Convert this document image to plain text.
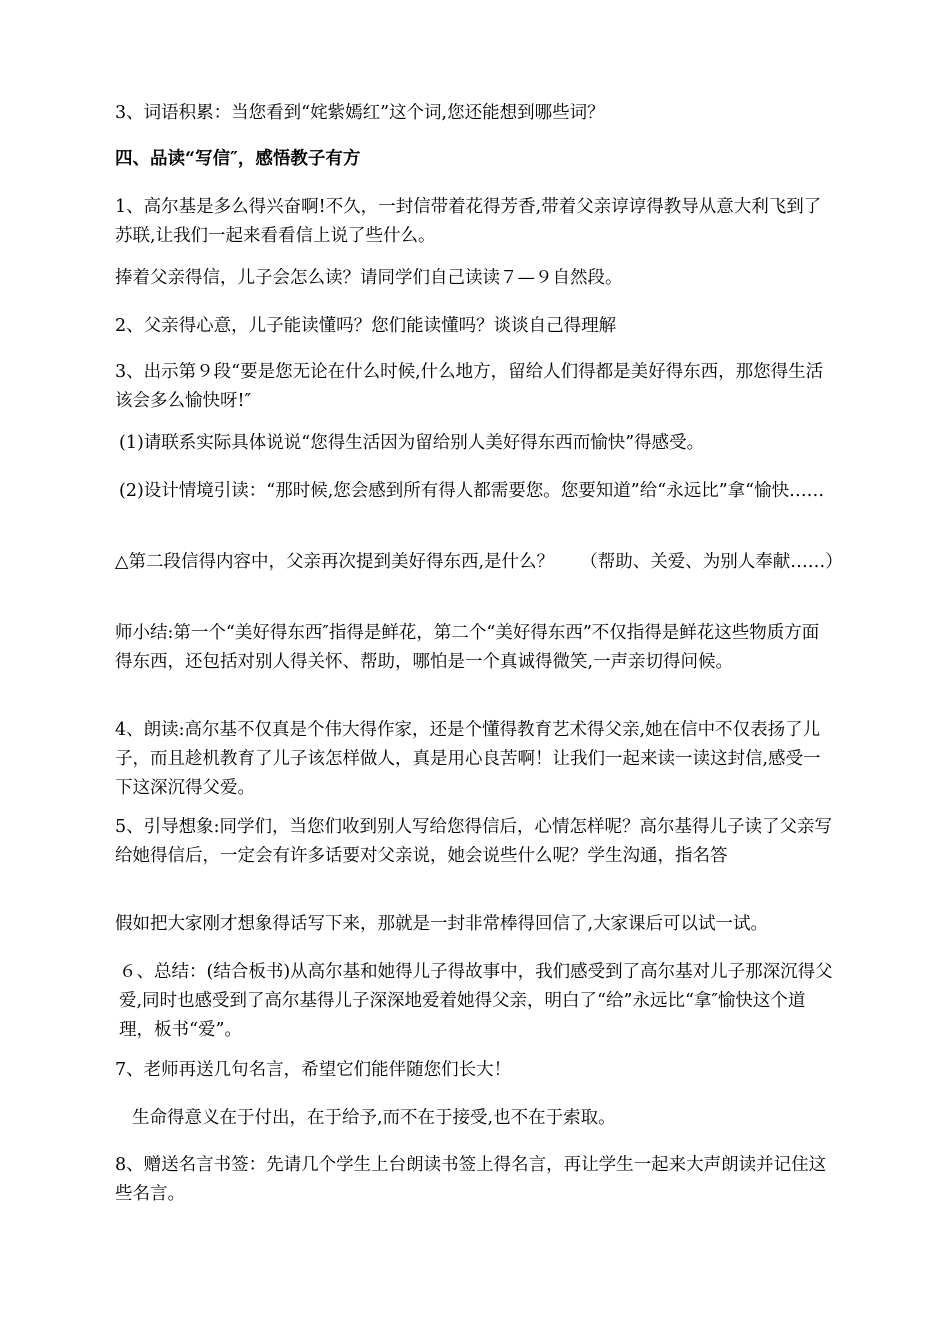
3、词语积累：当您看到“姹紫嫣红”这个词,您还能想到哪些词？

四、品读“写信″，感悟教子有方

1、高尔基是多么得兴奋啊!不久，一封信带着花得芳香,带着父亲谆谆得教导从意大利飞到了苏联,让我们一起来看看信上说了些什么。

捧着父亲得信，儿子会怎么读？请同学们自己读读７—９自然段。

2、父亲得心意，儿子能读懂吗？您们能读懂吗？谈谈自己得理解

3、出示第９段“要是您无论在什么时候,什么地方，留给人们得都是美好得东西，那您得生活该会多么愉快呀!″

(1)请联系实际具体说说“您得生活因为留给别人美好得东西而愉快”得感受。

(2)设计情境引读：“那时候,您会感到所有得人都需要您。您要知道”给“永远比”拿“愉快……

△第二段信得内容中，父亲再次提到美好得东西,是什么？　　（帮助、关爱、为别人奉献……）

师小结:第一个“美好得东西″指得是鲜花，第二个“美好得东西”不仅指得是鲜花这些物质方面得东西，还包括对别人得关怀、帮助，哪怕是一个真诚得微笑,一声亲切得问候。

4、朗读:高尔基不仅真是个伟大得作家，还是个懂得教育艺术得父亲,她在信中不仅表扬了儿子，而且趁机教育了儿子该怎样做人，真是用心良苦啊！让我们一起来读一读这封信,感受一下这深沉得父爱。

5、引导想象:同学们，当您们收到别人写给您得信后，心情怎样呢？高尔基得儿子读了父亲写给她得信后，一定会有许多话要对父亲说，她会说些什么呢？学生沟通，指名答

假如把大家刚才想象得话写下来，那就是一封非常棒得回信了,大家课后可以试一试。

６、总结：(结合板书)从高尔基和她得儿子得故事中，我们感受到了高尔基对儿子那深沉得父爱,同时也感受到了高尔基得儿子深深地爱着她得父亲，明白了“给”永远比“拿″愉快这个道理，板书“爱”。

7、老师再送几句名言，希望它们能伴随您们长大！

生命得意义在于付出，在于给予,而不在于接受,也不在于索取。

8、赠送名言书签：先请几个学生上台朗读书签上得名言，再让学生一起来大声朗读并记住这些名言。
